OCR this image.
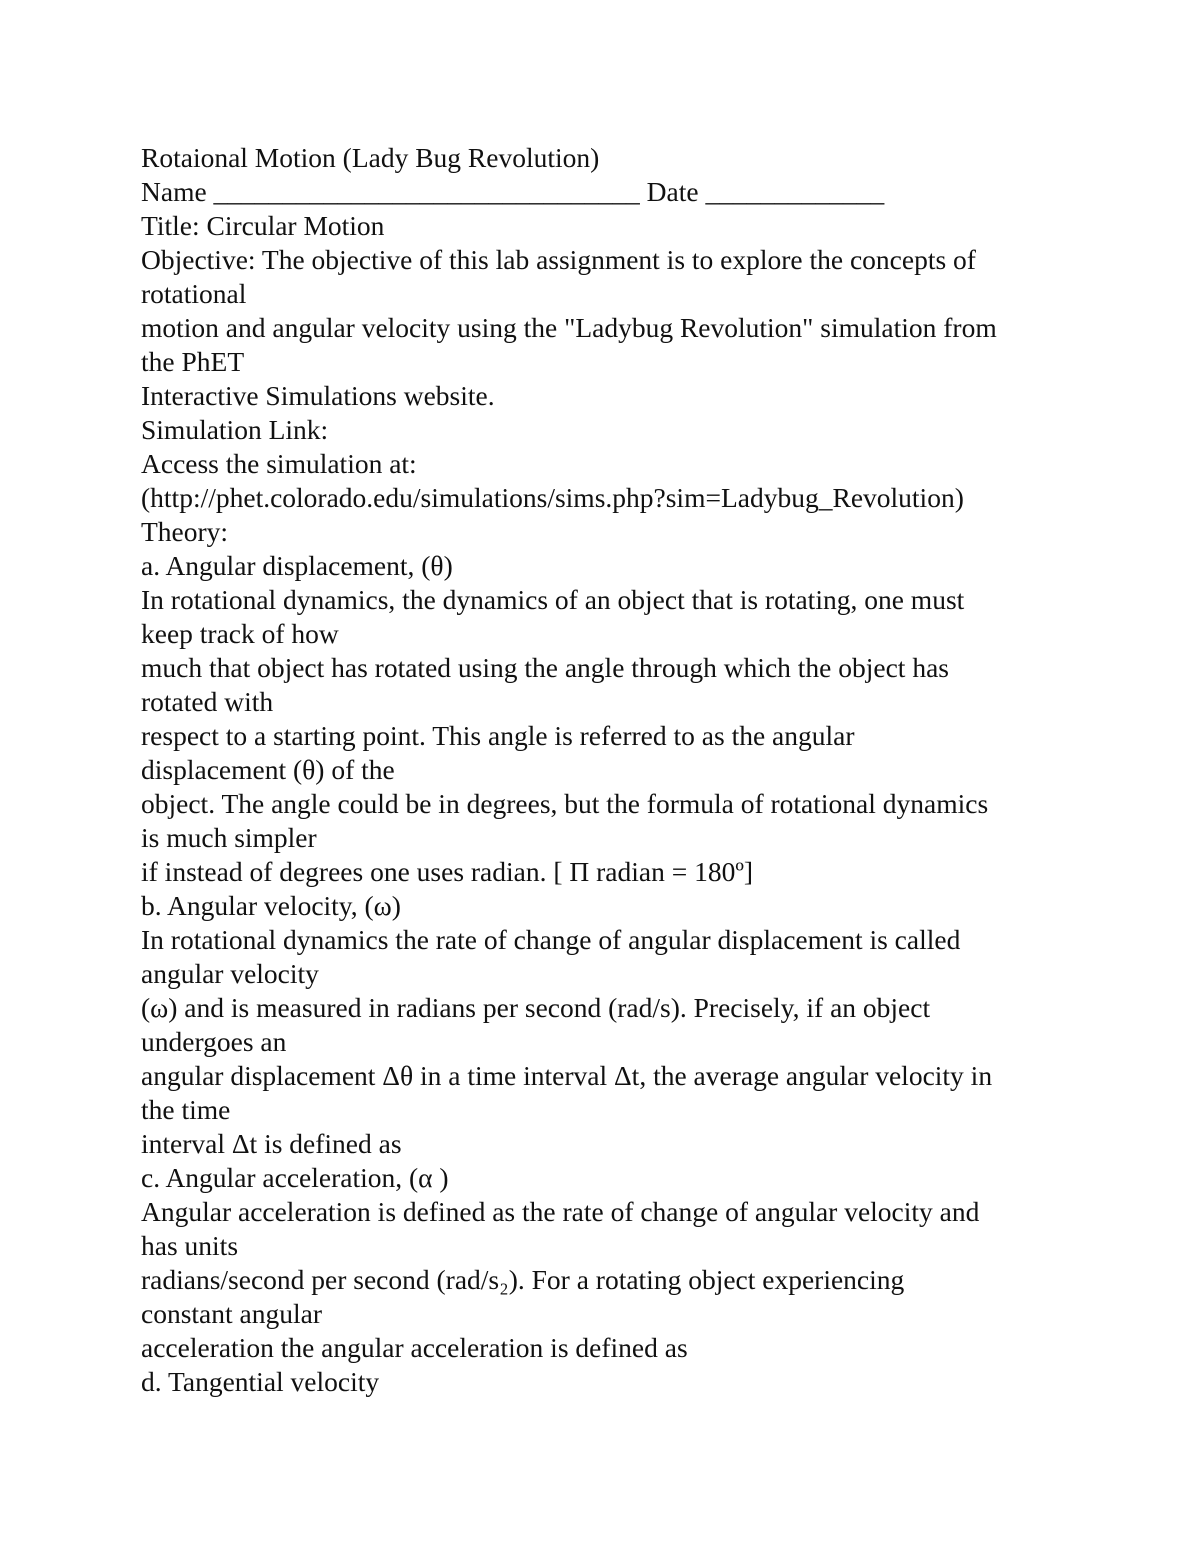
Rotaional Motion (Lady Bug Revolution)
Name _______________________________ Date _____________
Title: Circular Motion
Objective: The objective of this lab assignment is to explore the concepts of
rotational
motion and angular velocity using the "Ladybug Revolution" simulation from
the PhET
Interactive Simulations website.
Simulation Link:
Access the simulation at:
(http://phet.colorado.edu/simulations/sims.php?sim=Ladybug_Revolution)
Theory:
a. Angular displacement, (θ)
In rotational dynamics, the dynamics of an object that is rotating, one must
keep track of how
much that object has rotated using the angle through which the object has
rotated with
respect to a starting point. This angle is referred to as the angular
displacement (θ) of the
object. The angle could be in degrees, but the formula of rotational dynamics
is much simpler
if instead of degrees one uses radian. [ Π radian = 180º]
b. Angular velocity, (ω)
In rotational dynamics the rate of change of angular displacement is called
angular velocity
(ω) and is measured in radians per second (rad/s). Precisely, if an object
undergoes an
angular displacement Δθ in a time interval Δt, the average angular velocity in
the time
interval Δt is defined as
c. Angular acceleration, (α )
Angular acceleration is defined as the rate of change of angular velocity and
has units
radians/second per second (rad/s₂). For a rotating object experiencing
constant angular
acceleration the angular acceleration is defined as
d. Tangential velocity
